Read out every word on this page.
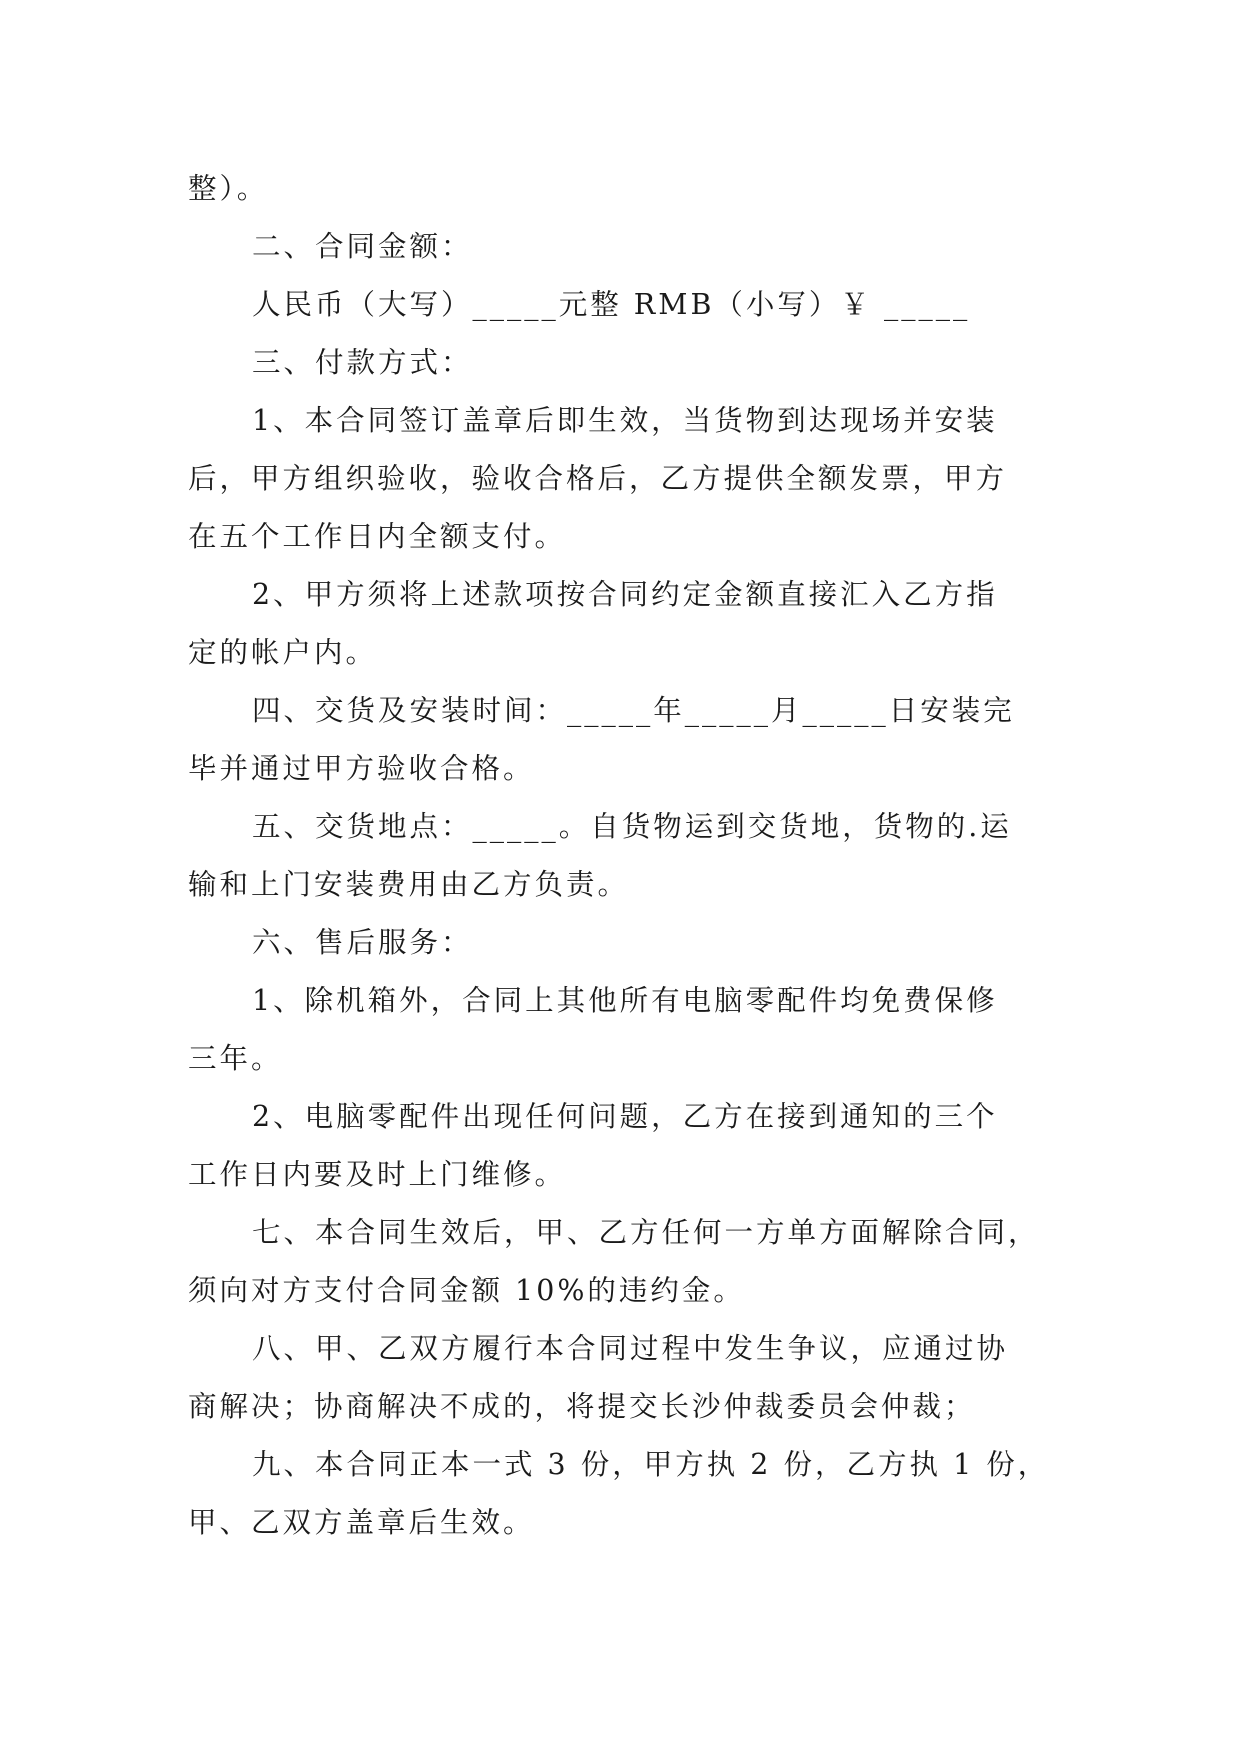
整）。
二、合同金额：
人民币（大写）_____元整 RMB（小写）￥ _____
三、付款方式：
1、本合同签订盖章后即生效，当货物到达现场并安装
后，甲方组织验收，验收合格后，乙方提供全额发票，甲方
在五个工作日内全额支付。
2、甲方须将上述款项按合同约定金额直接汇入乙方指
定的帐户内。
四、交货及安装时间：_____年_____月_____日安装完
毕并通过甲方验收合格。
五、交货地点：_____。自货物运到交货地，货物的.运
输和上门安装费用由乙方负责。
六、售后服务：
1、除机箱外，合同上其他所有电脑零配件均免费保修
三年。
2、电脑零配件出现任何问题，乙方在接到通知的三个
工作日内要及时上门维修。
七、本合同生效后，甲、乙方任何一方单方面解除合同，
须向对方支付合同金额 10%的违约金。
八、甲、乙双方履行本合同过程中发生争议，应通过协
商解决；协商解决不成的，将提交长沙仲裁委员会仲裁；
九、本合同正本一式 3 份，甲方执 2 份，乙方执 1 份，
甲、乙双方盖章后生效。
